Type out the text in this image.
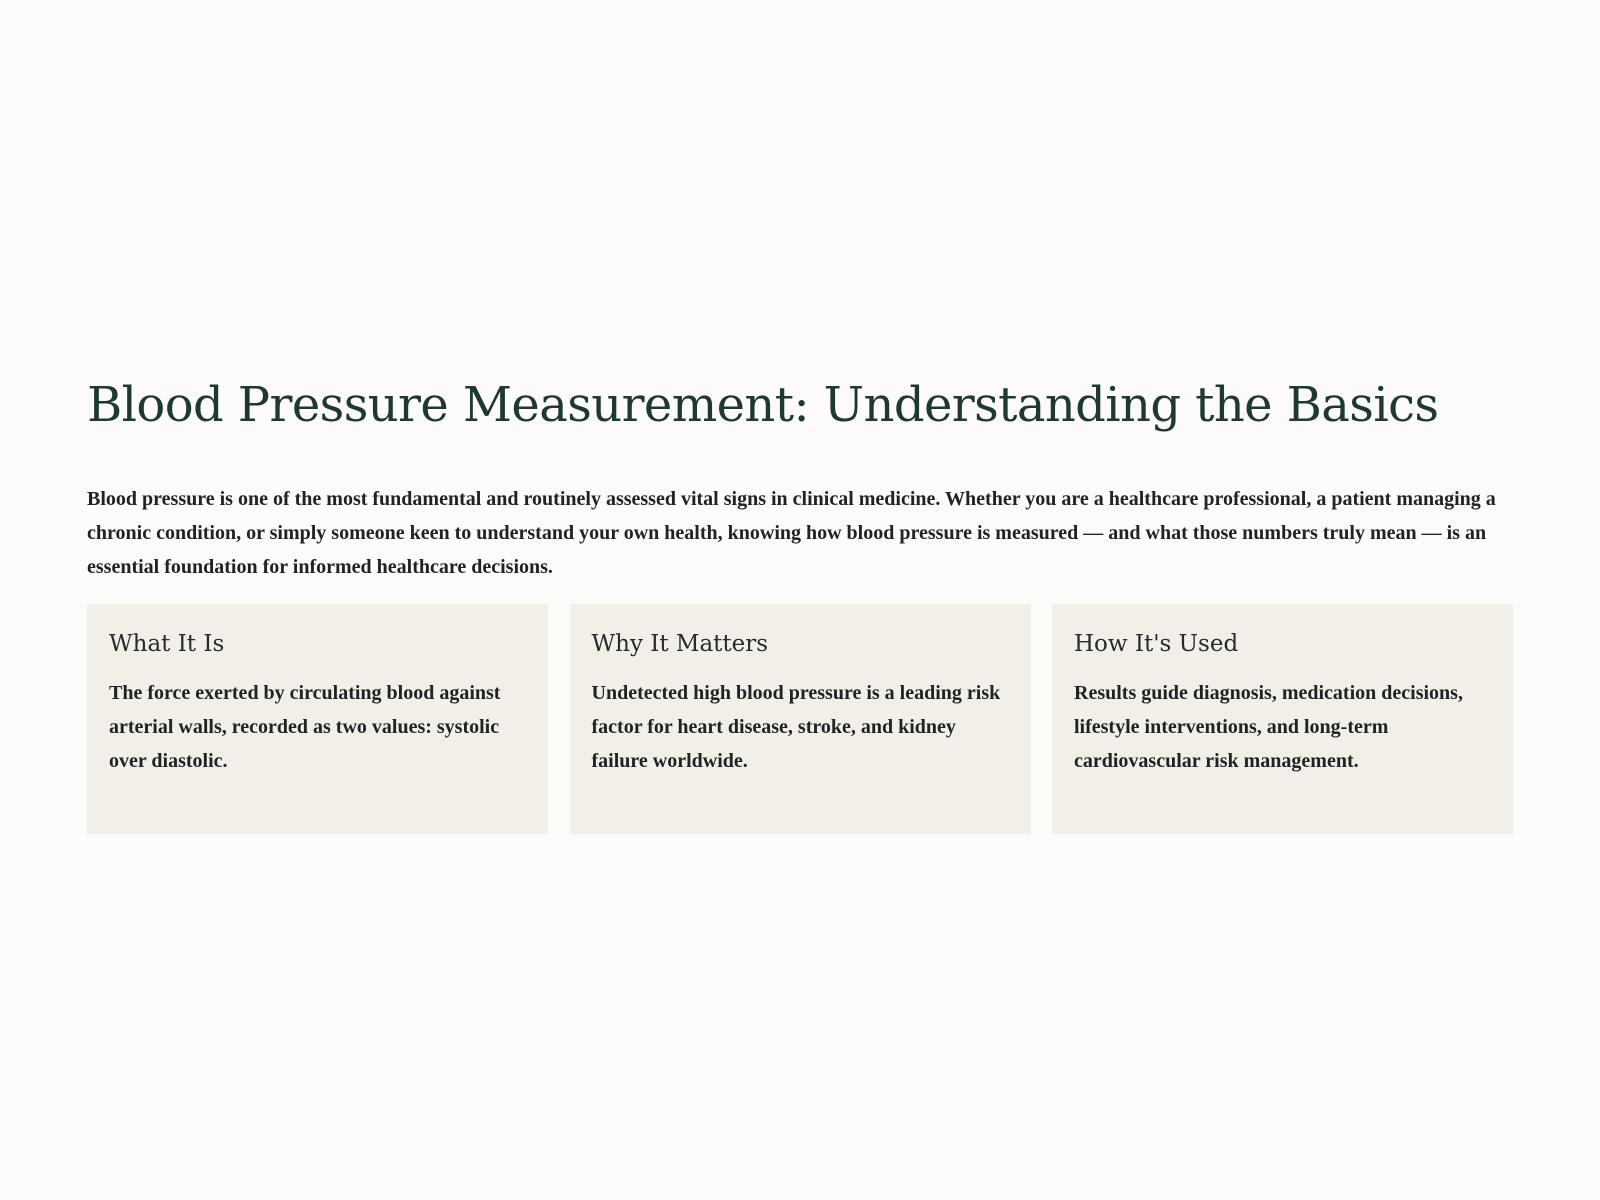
Blood Pressure Measurement: Understanding the Basics

Blood pressure is one of the most fundamental and routinely assessed vital signs in clinical medicine. Whether you are a healthcare professional, a patient managing a chronic condition, or simply someone keen to understand your own health, knowing how blood pressure is measured — and what those numbers truly mean — is an essential foundation for informed healthcare decisions.

What It Is

The force exerted by circulating blood against arterial walls, recorded as two values: systolic over diastolic.

Why It Matters

Undetected high blood pressure is a leading risk factor for heart disease, stroke, and kidney failure worldwide.

How It's Used

Results guide diagnosis, medication decisions, lifestyle interventions, and long-term cardiovascular risk management.
